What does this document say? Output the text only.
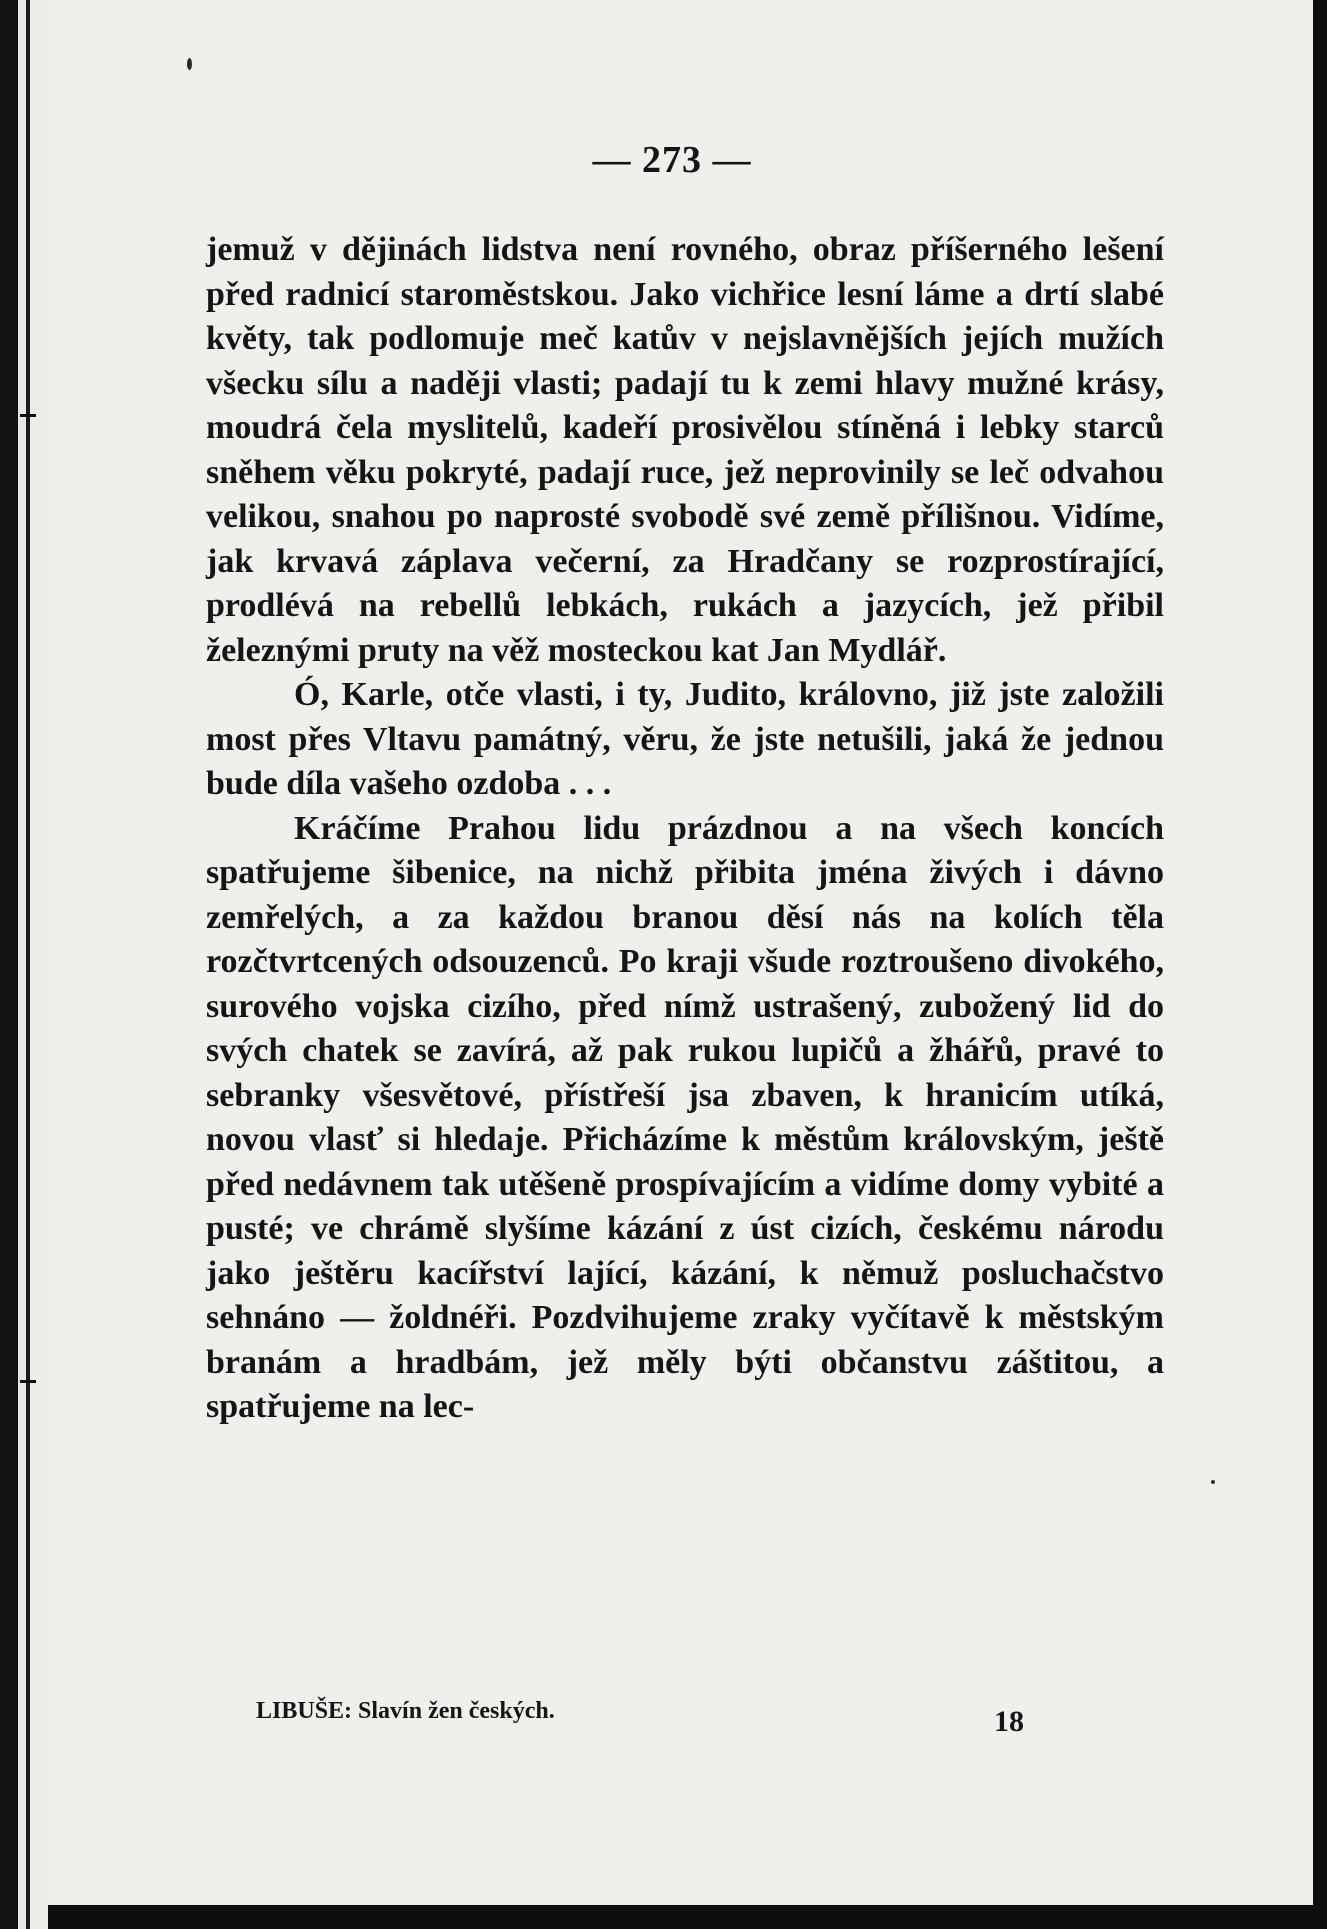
— 273 —

jemuž v dějinách lidstva není rovného, obraz příšerného lešení před radnicí staroměstskou. Jako vichřice lesní láme a drtí slabé květy, tak podlomuje meč katův v nejslavnějších jejích mužích všecku sílu a naději vlasti; padají tu k zemi hlavy mužné krásy, moudrá čela myslitelů, kadeří prosivělou stíněná i lebky starců sněhem věku pokryté, padají ruce, jež neprovinily se leč odvahou velikou, snahou po naprosté svobodě své země přílišnou. Vidíme, jak krvavá záplava večerní, za Hradčany se rozprostírající, prodlévá na rebellů lebkách, rukách a jazycích, jež přibil železnými pruty na věž mosteckou kat Jan Mydlář.

Ó, Karle, otče vlasti, i ty, Judito, královno, již jste založili most přes Vltavu památný, věru, že jste netušili, jaká že jednou bude díla vašeho ozdoba . . .

Kráčíme Prahou lidu prázdnou a na všech koncích spatřujeme šibenice, na nichž přibita jména živých i dávno zemřelých, a za každou branou děsí nás na kolích těla rozčtvrtcených odsouzenců. Po kraji všude roztroušeno divokého, surového vojska cizího, před nímž ustrašený, zubožený lid do svých chatek se zavírá, až pak rukou lupičů a žhářů, pravé to sebranky všesvětové, přístřeší jsa zbaven, k hranicím utíká, novou vlasť si hledaje. Přicházíme k městům královským, ještě před nedávnem tak utěšeně prospívajícím a vidíme domy vybité a pusté; ve chrámě slyšíme kázání z úst cizích, českému národu jako ještěru kacířství lající, kázání, k němuž posluchačstvo sehnáno — žoldnéři. Pozdvihujeme zraky vyčítavě k městským branám a hradbám, jež měly býti občanstvu záštitou, a spatřujeme na lec-

LIBUŠE: Slavín žen českých.	18
